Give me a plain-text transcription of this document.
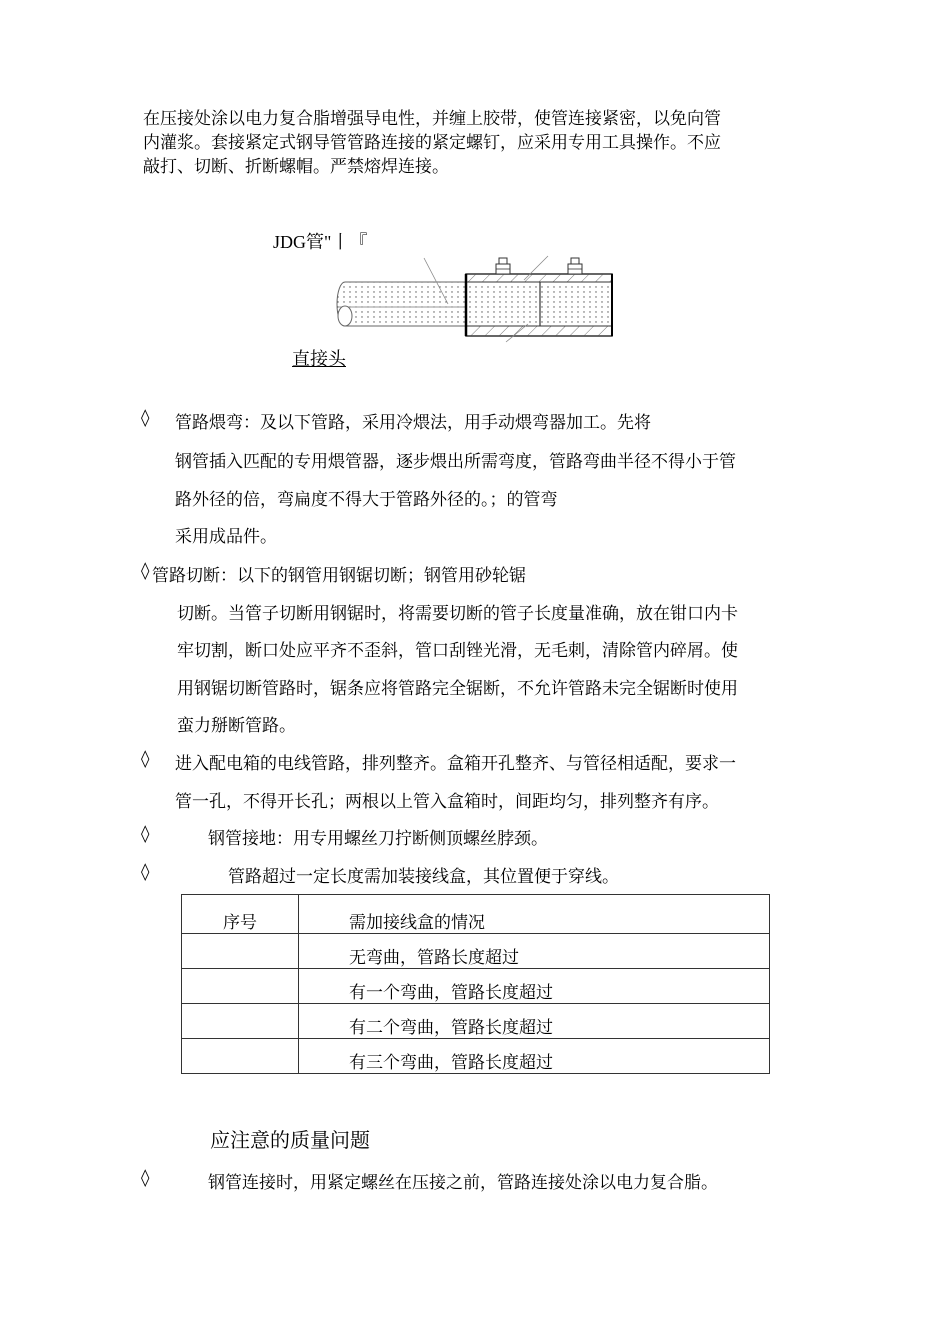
在压接处涂以电力复合脂增强导电性，并缠上胶带，使管连接紧密，以免向管
内灌浆。套接紧定式钢导管管路连接的紧定螺钉，应采用专用工具操作。不应
敲打、切断、折断螺帽。严禁熔焊连接。
JDG管"丨『
直接头
◊ 管路煨弯：及以下管路，采用冷煨法，用手动煨弯器加工。先将
钢管插入匹配的专用煨管器，逐步煨出所需弯度，管路弯曲半径不得小于管
路外径的倍，弯扁度不得大于管路外径的。；的管弯
采用成品件。
◊ 管路切断：以下的钢管用钢锯切断；钢管用砂轮锯
切断。当管子切断用钢锯时，将需要切断的管子长度量准确，放在钳口内卡
牢切割，断口处应平齐不歪斜，管口刮锉光滑，无毛刺，清除管内碎屑。使
用钢锯切断管路时，锯条应将管路完全锯断，不允许管路未完全锯断时使用
蛮力掰断管路。
◊ 进入配电箱的电线管路，排列整齐。盒箱开孔整齐、与管径相适配，要求一
管一孔，不得开长孔；两根以上管入盒箱时，间距均匀，排列整齐有序。
◊	钢管接地：用专用螺丝刀拧断侧顶螺丝脖颈。
◊	管路超过一定长度需加装接线盒，其位置便于穿线。
序号	需加接线盒的情况
	无弯曲，管路长度超过
	有一个弯曲，管路长度超过
	有二个弯曲，管路长度超过
	有三个弯曲，管路长度超过
应注意的质量问题
◊	钢管连接时，用紧定螺丝在压接之前，管路连接处涂以电力复合脂。
